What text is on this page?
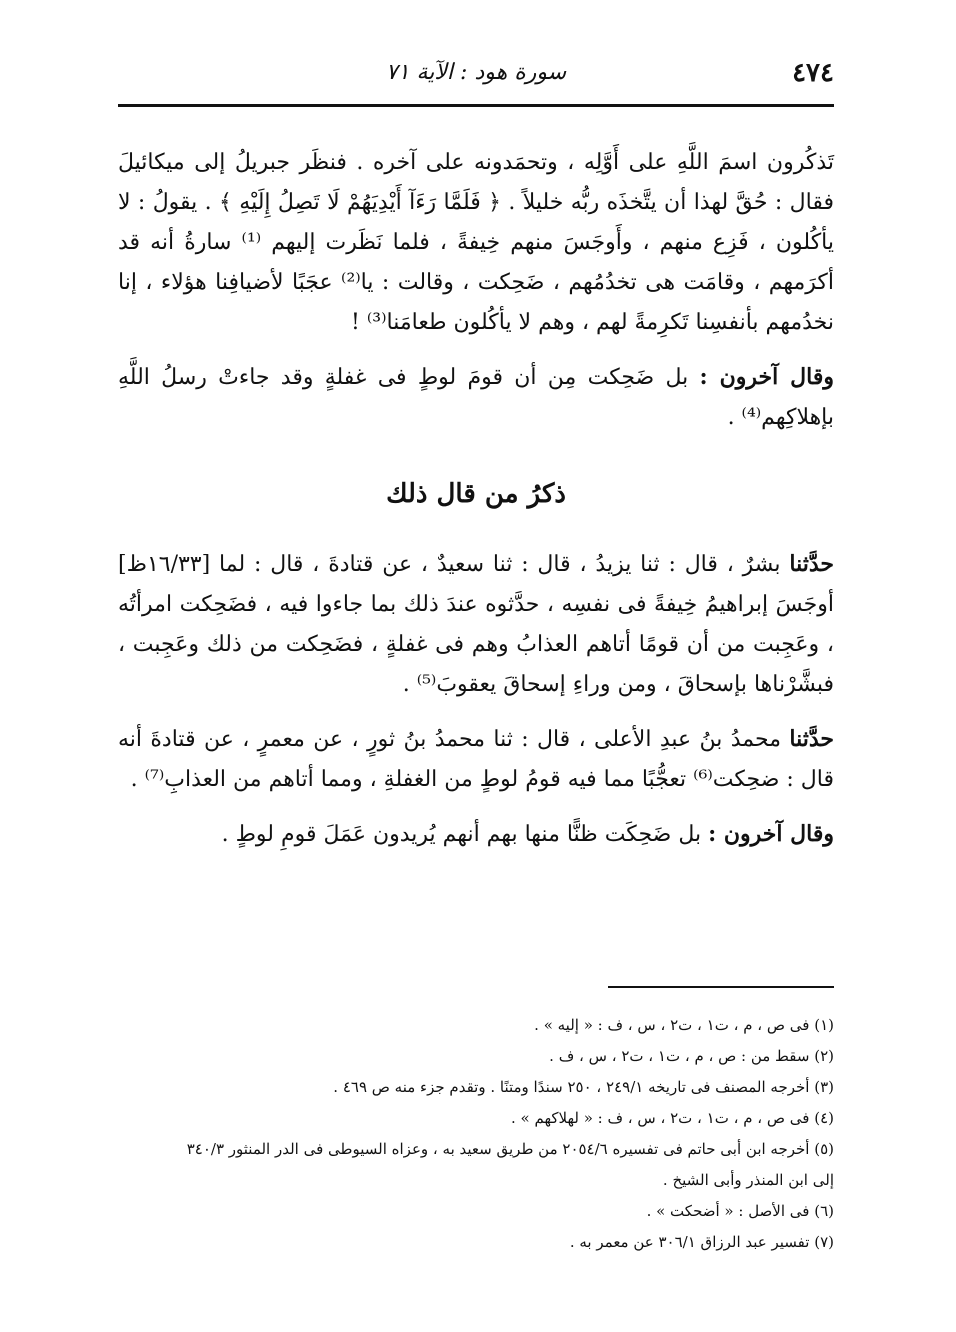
٤٧٤
سورة هود : الآية ٧١

تَذكُرون اسمَ اللَّهِ على أَوَّلِه ، وتحمَدونه على آخره . فنظَر جبريلُ إلى ميكائيلَ فقال : حُقَّ لهذا أن يتَّخذَه ربُّه خليلاً . ﴿ فَلَمَّا رَءَآ أَيْدِيَهُمْ لَا تَصِلُ إِلَيْهِ ﴾ . يقولُ : لا يأكُلون ، فَزِع منهم ، وأَوجَسَ منهم خِيفةً ، فلما نَظَرت إليهم ⁽¹⁾ سارةُ أنه قد أكرَمهم ، وقامَت هى تخدُمُهم ، ضَحِكت ، وقالت : يا⁽²⁾ عجَبًا لأضيافِنا هؤلاء ، إنا نخدُمهم بأنفسِنا تَكرِمةً لهم ، وهم لا يأكُلون طعامَنا⁽³⁾ !

وقال آخرون : بل ضَحِكت مِن أن قومَ لوطٍ فى غفلةٍ وقد جاءتْ رسلُ اللَّهِ بإهلاكِهم⁽⁴⁾ .

ذكرُ من قال ذلك

حدَّثنا بشرٌ ، قال : ثنا يزيدُ ، قال : ثنا سعيدٌ ، عن قتادةَ ، قال : لما [١٦/٣٣ظ] أوجَسَ إبراهيمُ خِيفةً فى نفسِه ، حدَّثوه عندَ ذلك بما جاءوا فيه ، فضَحِكت امرأتُه ، وعَجِبت من أن قومًا أتاهم العذابُ وهم فى غفلةٍ ، فضَحِكت من ذلك وعَجِبت ، فبشَّرْناها بإسحاقَ ، ومن وراءِ إسحاقَ يعقوبَ⁽⁵⁾ .

حدَّثنا محمدُ بنُ عبدِ الأعلى ، قال : ثنا محمدُ بنُ ثورٍ ، عن معمرٍ ، عن قتادةَ أنه قال : ضحِكت⁽⁶⁾ تعجُّبًا مما فيه قومُ لوطٍ من الغفلةِ ، ومما أتاهم من العذابِ⁽⁷⁾ .

وقال آخرون : بل ضَحِكَت ظنًّا منها بهم أنهم يُريدون عَمَلَ قومِ لوطٍ .

(١) فى ص ، م ، ت١ ، ت٢ ، س ، ف : « إليه » .

(٢) سقط من : ص ، م ، ت١ ، ت٢ ، س ، ف .

(٣) أخرجه المصنف فى تاريخه ٢٤٩/١ ، ٢٥٠ سندًا ومتنًا . وتقدم جزء منه ص ٤٦٩ .

(٤) فى ص ، م ، ت١ ، ت٢ ، س ، ف : « لهلاكهم » .

(٥) أخرجه ابن أبى حاتم فى تفسيره ٢٠٥٤/٦ من طريق سعيد به ، وعزاه السيوطى فى الدر المنثور ٣٤٠/٣

إلى ابن المنذر وأبى الشيخ .

(٦) فى الأصل : « أضحكت » .

(٧) تفسير عبد الرزاق ٣٠٦/١ عن معمر به .
